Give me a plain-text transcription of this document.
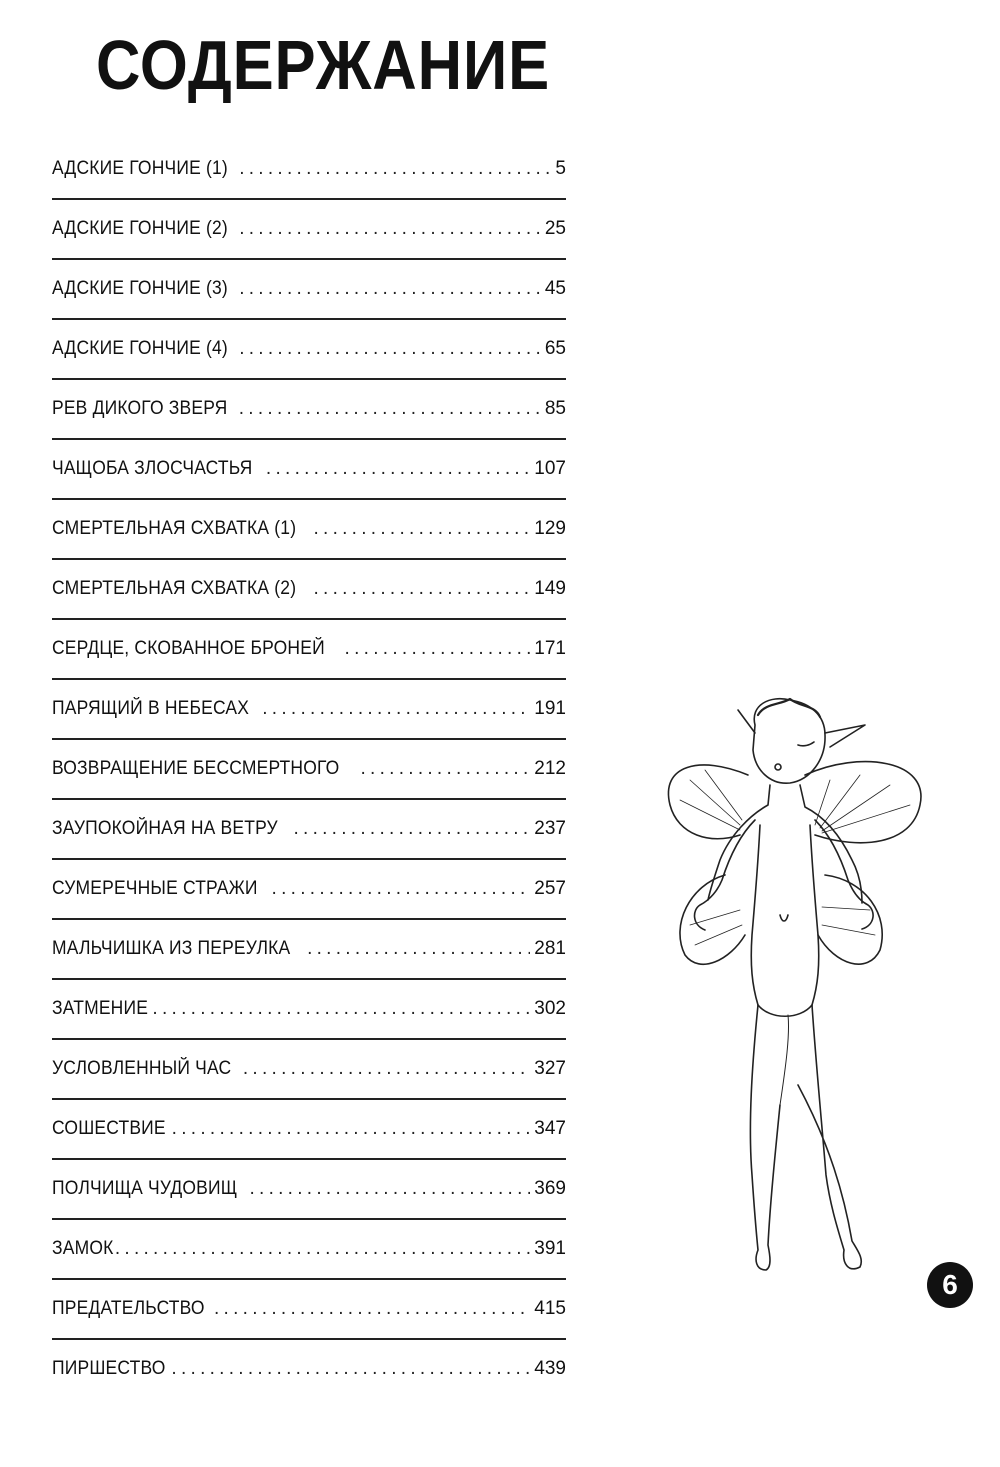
СОДЕРЖАНИЕ
АДСКИЕ ГОНЧИЕ (1) . . .	5
АДСКИЕ ГОНЧИЕ (2) . . .	25
АДСКИЕ ГОНЧИЕ (3) . . .	45
АДСКИЕ ГОНЧИЕ (4) . . .	65
РЕВ ДИКОГО ЗВЕРЯ . . .	85
ЧАЩОБА ЗЛОСЧАСТЬЯ . . .	107
СМЕРТЕЛЬНАЯ СХВАТКА (1) . . .	129
СМЕРТЕЛЬНАЯ СХВАТКА (2) . . .	149
СЕРДЦЕ, СКОВАННОЕ БРОНЕЙ . . .	171
ПАРЯЩИЙ В НЕБЕСАХ . . .	191
ВОЗВРАЩЕНИЕ БЕССМЕРТНОГО . . .	212
ЗАУПОКОЙНАЯ НА ВЕТРУ . . .	237
СУМЕРЕЧНЫЕ СТРАЖИ . . .	257
МАЛЬЧИШКА ИЗ ПЕРЕУЛКА . . .	281
ЗАТМЕНИЕ . . .	302
УСЛОВЛЕННЫЙ ЧАС . . .	327
СОШЕСТВИЕ . . .	347
ПОЛЧИЩА ЧУДОВИЩ . . .	369
ЗАМОК . . .	391
ПРЕДАТЕЛЬСТВО . . .	415
ПИРШЕСТВО . . .	439
6
